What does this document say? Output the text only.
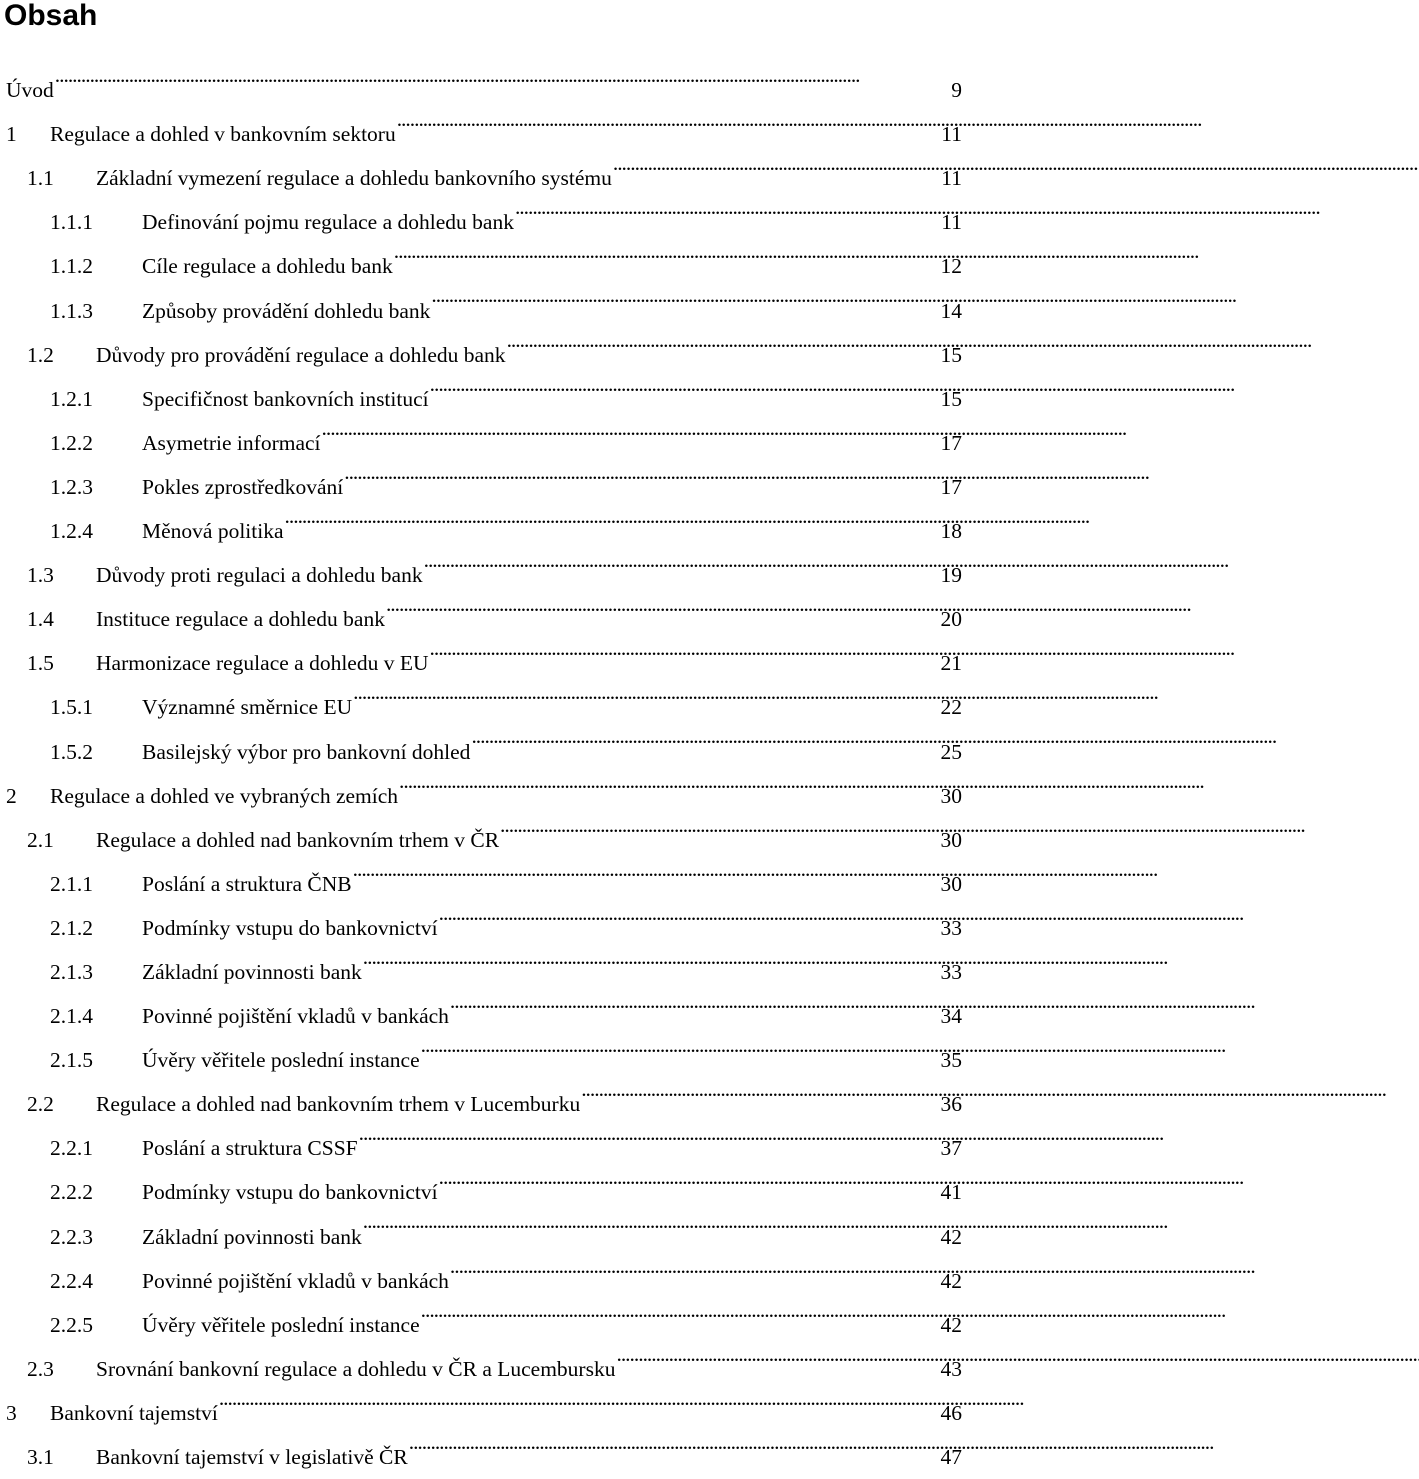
Obsah
Úvod . . .	9
1	Regulace a dohled v bankovním sektoru . . .	11
1.1	Základní vymezení regulace a dohledu bankovního systému . . .	11
1.1.1	Definování pojmu regulace a dohledu bank . . .	11
1.1.2	Cíle regulace a dohledu bank . . .	12
1.1.3	Způsoby provádění dohledu bank . . .	14
1.2	Důvody pro provádění regulace a dohledu bank . . .	15
1.2.1	Specifičnost bankovních institucí . . .	15
1.2.2	Asymetrie informací . . .	17
1.2.3	Pokles zprostředkování . . .	17
1.2.4	Měnová politika . . .	18
1.3	Důvody proti regulaci a dohledu bank . . .	19
1.4	Instituce regulace a dohledu bank . . .	20
1.5	Harmonizace regulace a dohledu v EU . . .	21
1.5.1	Významné směrnice EU . . .	22
1.5.2	Basilejský výbor pro bankovní dohled . . .	25
2	Regulace a dohled ve vybraných zemích . . .	30
2.1	Regulace a dohled nad bankovním trhem v ČR . . .	30
2.1.1	Poslání a struktura ČNB . . .	30
2.1.2	Podmínky vstupu do bankovnictví . . .	33
2.1.3	Základní povinnosti bank . . .	33
2.1.4	Povinné pojištění vkladů v bankách . . .	34
2.1.5	Úvěry věřitele poslední instance . . .	35
2.2	Regulace a dohled nad bankovním trhem v Lucemburku . . .	36
2.2.1	Poslání a struktura CSSF . . .	37
2.2.2	Podmínky vstupu do bankovnictví . . .	41
2.2.3	Základní povinnosti bank . . .	42
2.2.4	Povinné pojištění vkladů v bankách . . .	42
2.2.5	Úvěry věřitele poslední instance . . .	42
2.3	Srovnání bankovní regulace a dohledu v ČR a Lucembursku . . .	43
3	Bankovní tajemství . . .	46
3.1	Bankovní tajemství v legislativě ČR . . .	47
